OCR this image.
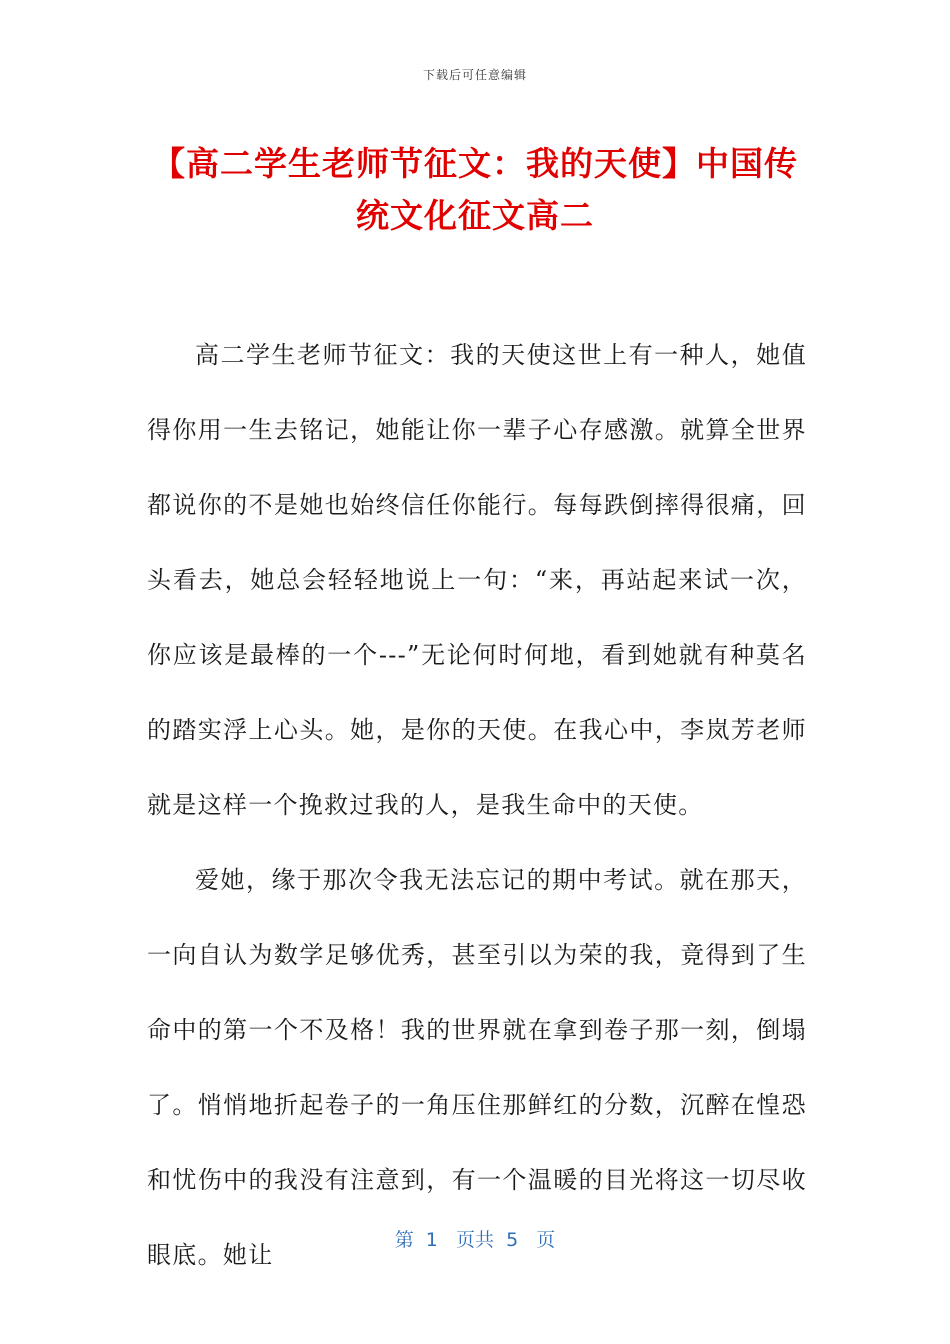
下载后可任意编辑
【高二学生老师节征文：我的天使】中国传
统文化征文高二

高二学生老师节征文：我的天使这世上有一种人，她值得你用一生去铭记，她能让你一辈子心存感激。就算全世界都说你的不是她也始终信任你能行。每每跌倒摔得很痛，回头看去，她总会轻轻地说上一句：“来，再站起来试一次，你应该是最棒的一个---”无论何时何地，看到她就有种莫名的踏实浮上心头。她，是你的天使。在我心中，李岚芳老师就是这样一个挽救过我的人，是我生命中的天使。

爱她，缘于那次令我无法忘记的期中考试。就在那天，一向自认为数学足够优秀，甚至引以为荣的我，竟得到了生命中的第一个不及格！我的世界就在拿到卷子那一刻，倒塌了。悄悄地折起卷子的一角压住那鲜红的分数，沉醉在惶恐和忧伤中的我没有注意到，有一个温暖的目光将这一切尽收眼底。她让

第  1   页共  5   页
